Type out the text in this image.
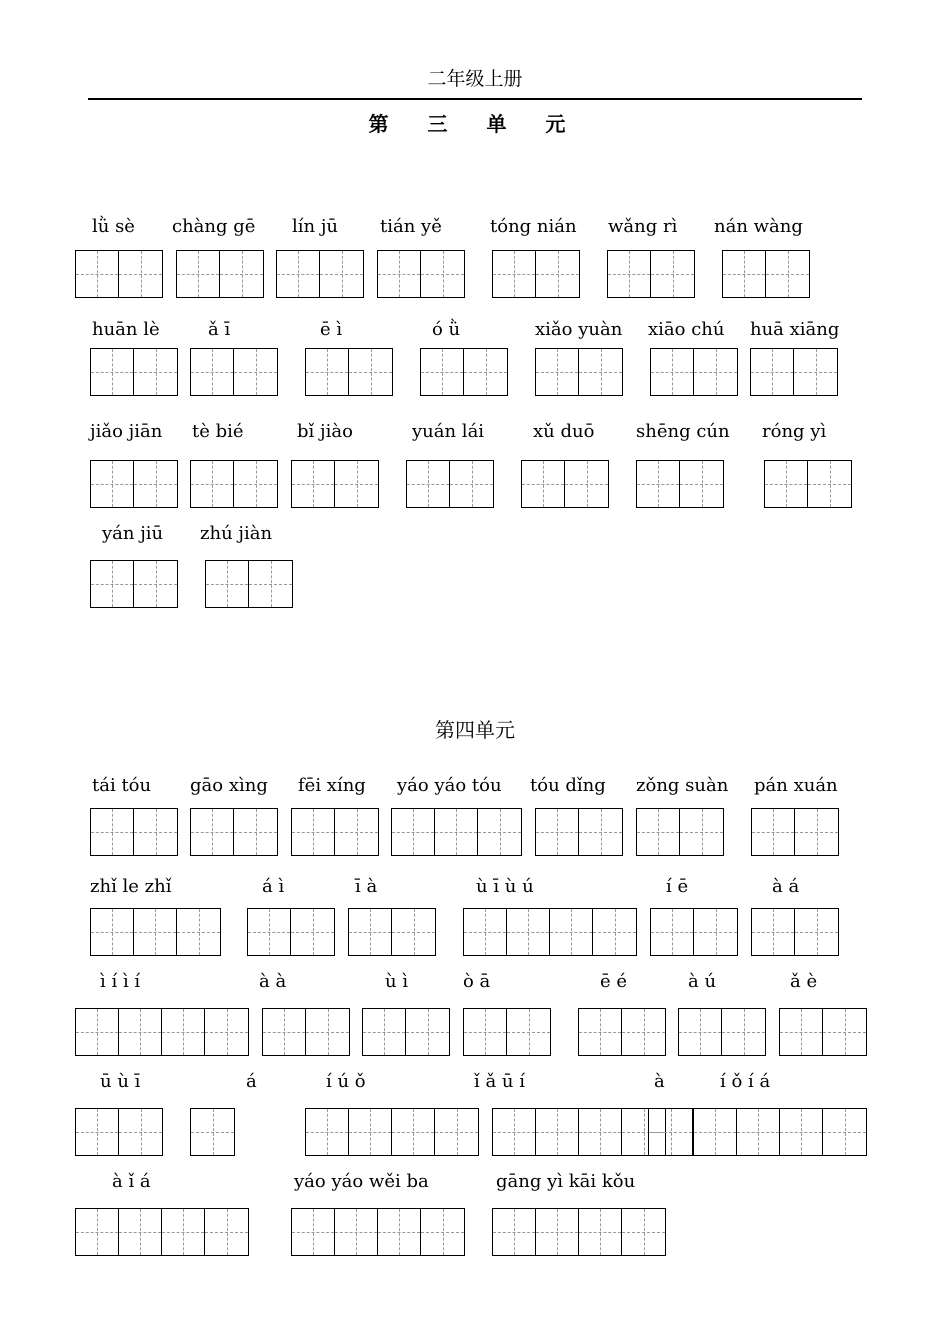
二年级上册
第 三 单 元
第四单元
lǜ sè chàng gē lín jū tián yě	tóng nián wǎng rì nán wàng
huān lè	ǎ ī	ē ì	ó ǜ	xiǎo yuàn xiāo chú huā xiāng
jiǎo jiān tè bié	bǐ jiào	yuán lái	xǔ duō shēng cún róng yì
yán jiū zhú jiàn
tái tóu gāo xìng fēi xíng yáo yáo tóu tóu dǐng zǒng suàn pán xuán
zhǐ le zhǐ	á ì	ī à	ù ī ù ú	í ē	à á
ì í ì í	à à	ù ì	ò ā	ē é	à ú	ǎ è
ū ù ī	á	í ú ǒ	ǐ ǎ ū í	à	í ǒ í á
à ǐ á	yáo yáo wěi ba	gāng yì kāi kǒu
